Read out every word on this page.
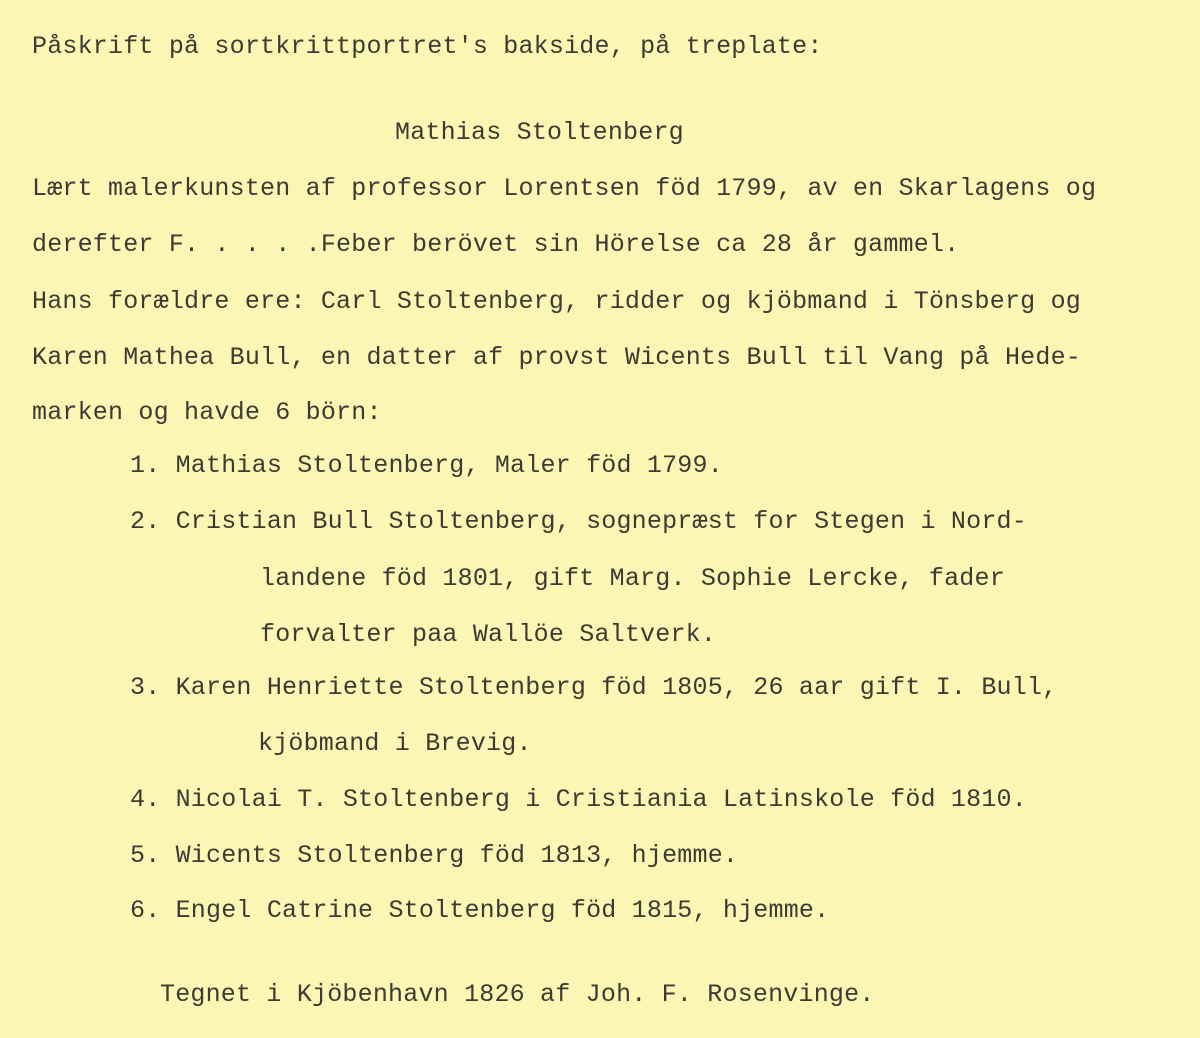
Påskrift på sortkrittportret's bakside, på treplate:
Mathias Stoltenberg
Lært malerkunsten af professor Lorentsen föd 1799, av en Skarlagens og
derefter F. . . . .Feber berövet sin Hörelse ca 28 år gammel.
Hans forældre ere: Carl Stoltenberg, ridder og kjöbmand i Tönsberg og
Karen Mathea Bull, en datter af provst Wicents Bull til Vang på Hede-
marken og havde 6 börn:
1. Mathias Stoltenberg, Maler föd 1799.
2. Cristian Bull Stoltenberg, sognepræst for Stegen i Nord-
landene föd 1801, gift Marg. Sophie Lercke, fader
forvalter paa Wallöe Saltverk.
3. Karen Henriette Stoltenberg föd 1805, 26 aar gift I. Bull,
kjöbmand i Brevig.
4. Nicolai T. Stoltenberg i Cristiania Latinskole föd 1810.
5. Wicents Stoltenberg föd 1813, hjemme.
6. Engel Catrine Stoltenberg föd 1815, hjemme.
Tegnet i Kjöbenhavn 1826 af Joh. F. Rosenvinge.
